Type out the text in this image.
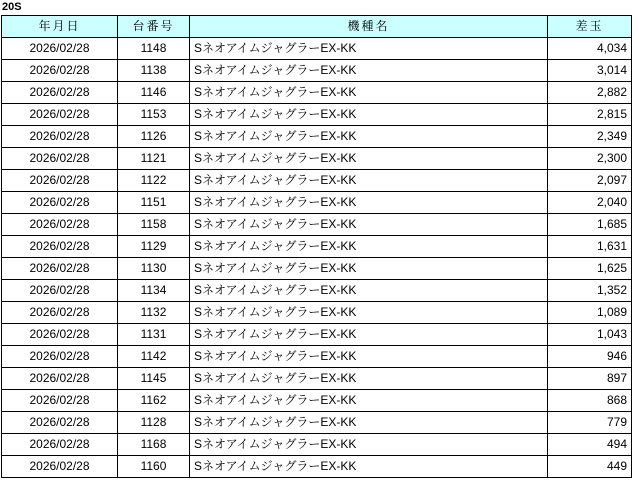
20S
年月日	台番号	機種名	差玉
2026/02/28	1148	SネオアイムジャグラーEX-KK	4,034
2026/02/28	1138	SネオアイムジャグラーEX-KK	3,014
2026/02/28	1146	SネオアイムジャグラーEX-KK	2,882
2026/02/28	1153	SネオアイムジャグラーEX-KK	2,815
2026/02/28	1126	SネオアイムジャグラーEX-KK	2,349
2026/02/28	1121	SネオアイムジャグラーEX-KK	2,300
2026/02/28	1122	SネオアイムジャグラーEX-KK	2,097
2026/02/28	1151	SネオアイムジャグラーEX-KK	2,040
2026/02/28	1158	SネオアイムジャグラーEX-KK	1,685
2026/02/28	1129	SネオアイムジャグラーEX-KK	1,631
2026/02/28	1130	SネオアイムジャグラーEX-KK	1,625
2026/02/28	1134	SネオアイムジャグラーEX-KK	1,352
2026/02/28	1132	SネオアイムジャグラーEX-KK	1,089
2026/02/28	1131	SネオアイムジャグラーEX-KK	1,043
2026/02/28	1142	SネオアイムジャグラーEX-KK	946
2026/02/28	1145	SネオアイムジャグラーEX-KK	897
2026/02/28	1162	SネオアイムジャグラーEX-KK	868
2026/02/28	1128	SネオアイムジャグラーEX-KK	779
2026/02/28	1168	SネオアイムジャグラーEX-KK	494
2026/02/28	1160	SネオアイムジャグラーEX-KK	449
